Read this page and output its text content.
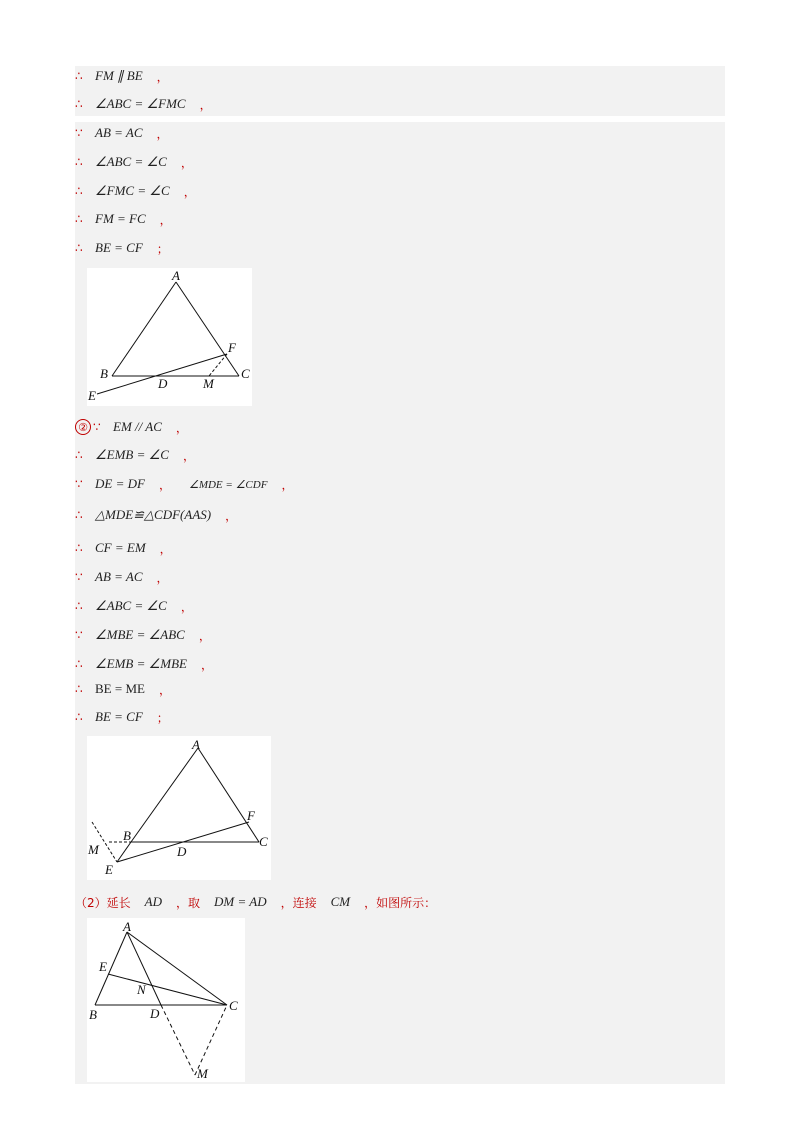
∴ FM ∥ BE ，
∴ ∠ABC = ∠FMC ，
∵ AB = AC ，
∴ ∠ABC = ∠C ，
∴ ∠FMC = ∠C ，
∴ FM = FC ，
∴ BE = CF ；
A
B	C
D
E
F
M
② ∵ EM // AC ，
∴ ∠EMB = ∠C ，
∵ DE = DF ， ∠MDE = ∠CDF ，
∴ △MDE≌△CDF(AAS) ，
∴ CF = EM ，
∵ AB = AC ，
∴ ∠ABC = ∠C ，
∵ ∠MBE = ∠ABC ，
∴ ∠EMB = ∠MBE ，
∴ BE = ME ，
∴ BE = CF ；
A
B	C
D
E
F
M
（2）延长 AD ，取 DM = AD ，连接 CM ，如图所示：
A
B
C
D
E
M
N
